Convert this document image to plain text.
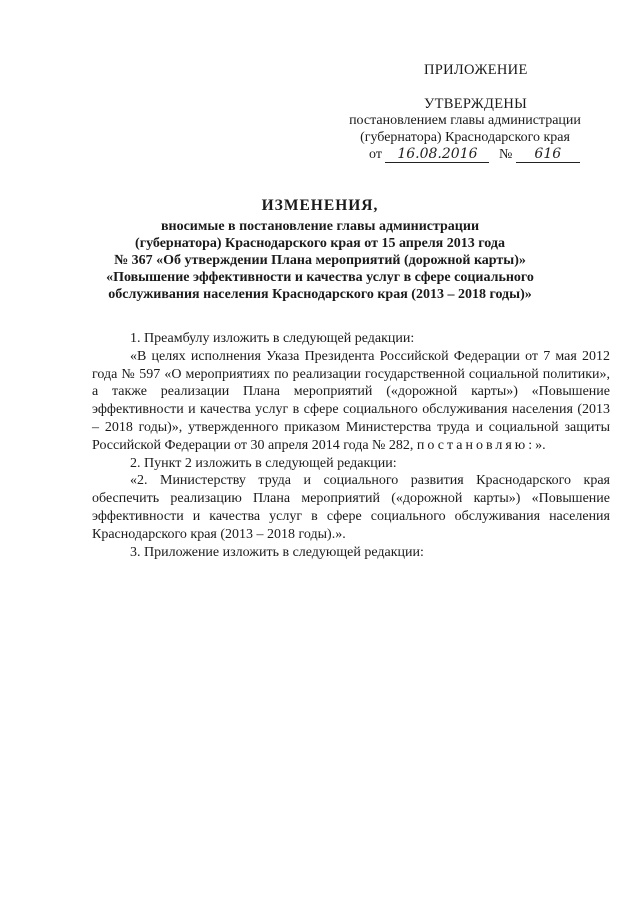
ПРИЛОЖЕНИЕ
УТВЕРЖДЕНЫ
постановлением главы администрации
(губернатора) Краснодарского края
от 16.08.2016 № 616
ИЗМЕНЕНИЯ,
вносимые в постановление главы администрации
(губернатора) Краснодарского края от 15 апреля 2013 года
№ 367 «Об утверждении Плана мероприятий (дорожной карты)»
«Повышение эффективности и качества услуг в сфере социального
обслуживания населения Краснодарского края (2013 – 2018 годы)»

1. Преамбулу изложить в следующей редакции:

«В целях исполнения Указа Президента Российской Федерации от 7 мая 2012 года № 597 «О мероприятиях по реализации государственной социальной политики», а также реализации Плана мероприятий («дорожной карты») «Повышение эффективности и качества услуг в сфере социального обслуживания населения (2013 – 2018 годы)», утвержденного приказом Министерства труда и социальной защиты Российской Федерации от 30 апреля 2014 года № 282, постановляю:».

2. Пункт 2 изложить в следующей редакции:

«2. Министерству труда и социального развития Краснодарского края обеспечить реализацию Плана мероприятий («дорожной карты») «Повышение эффективности и качества услуг в сфере социального обслуживания населения Краснодарского края (2013 – 2018 годы).».

3. Приложение изложить в следующей редакции:
